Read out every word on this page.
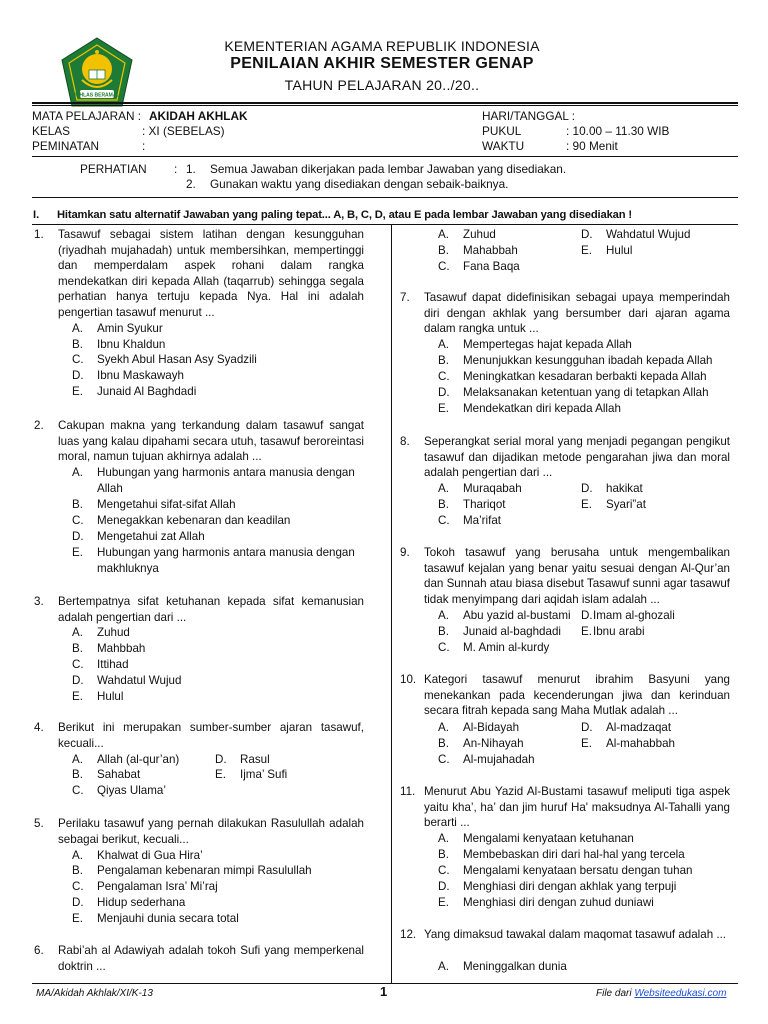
IKHLAS BERAMAL
KEMENTERIAN AGAMA REPUBLIK INDONESIA
PENILAIAN AKHIR SEMESTER GENAP
TAHUN PELAJARAN 20../20..
MATA PELAJARAN : AKIDAH AKHLAK
KELAS	: XI (SEBELAS)
PEMINATAN	:
HARI/TANGGAL :
PUKUL	: 10.00 – 11.30 WIB
WAKTU	: 90 Menit
PERHATIAN : 1. Semua Jawaban dikerjakan pada lembar Jawaban yang disediakan.
2. Gunakan waktu yang disediakan dengan sebaik-baiknya.
I. Hitamkan satu alternatif Jawaban yang paling tepat... A, B, C, D, atau E pada lembar Jawaban yang disediakan !
1. Tasawuf sebagai sistem latihan dengan kesungguhan (riyadhah mujahadah) untuk membersihkan, mempertinggi dan memperdalam aspek rohani dalam rangka mendekatkan diri kepada Allah (taqarrub) sehingga segala perhatian hanya tertuju kepada Nya. Hal ini adalah pengertian tasawuf menurut ...
A. Amin Syukur
B. Ibnu Khaldun
C. Syekh Abul Hasan Asy Syadzili
D. Ibnu Maskawayh
E. Junaid Al Baghdadi
2. Cakupan makna yang terkandung dalam tasawuf sangat luas yang kalau dipahami secara utuh, tasawuf beroreintasi moral, namun tujuan akhirnya adalah ...
A. Hubungan yang harmonis antara manusia dengan Allah
B. Mengetahui sifat-sifat Allah
C. Menegakkan kebenaran dan keadilan
D. Mengetahui zat Allah
E. Hubungan yang harmonis antara manusia dengan makhluknya
3. Bertempatnya sifat ketuhanan kepada sifat kemanusian adalah pengertian dari ...
A. Zuhud
B. Mahbbah
C. Ittihad
D. Wahdatul Wujud
E. Hulul
4. Berikut ini merupakan sumber-sumber ajaran tasawuf, kecuali...
A. Allah (al-qur’an)	D. Rasul
B. Sahabat	E. Ijma’ Sufi
C. Qiyas Ulama’
5. Perilaku tasawuf yang pernah dilakukan Rasulullah adalah sebagai berikut, kecuali...
A. Khalwat di Gua Hira’
B. Pengalaman kebenaran mimpi Rasulullah
C. Pengalaman Isra’ Mi’raj
D. Hidup sederhana
E. Menjauhi dunia secara total
6. Rabi’ah al Adawiyah adalah tokoh Sufi yang memperkenal doktrin ...
A. Zuhud	D. Wahdatul Wujud
B. Mahabbah	E. Hulul
C. Fana Baqa
7. Tasawuf dapat didefinisikan sebagai upaya memperindah diri dengan akhlak yang bersumber dari ajaran agama dalam rangka untuk ...
A. Mempertegas hajat kepada Allah
B. Menunjukkan kesungguhan ibadah kepada Allah
C. Meningkatkan kesadaran berbakti kepada Allah
D. Melaksanakan ketentuan yang di tetapkan Allah
E. Mendekatkan diri kepada Allah
8. Seperangkat serial moral yang menjadi pegangan pengikut tasawuf dan dijadikan metode pengarahan jiwa dan moral adalah pengertian dari ...
A. Muraqabah	D. hakikat
B. Thariqot	E. Syari”at
C. Ma’rifat
9. Tokoh tasawuf yang berusaha untuk mengembalikan tasawuf kejalan yang benar yaitu sesuai dengan Al-Qur’an dan Sunnah atau biasa disebut Tasawuf sunni agar tasawuf tidak menyimpang dari aqidah islam adalah ...
A. Abu yazid al-bustami D.Imam al-ghozali
B. Junaid al-baghdadi E.Ibnu arabi
C. M. Amin al-kurdy
10. Kategori tasawuf menurut ibrahim Basyuni yang menekankan pada kecenderungan jiwa dan kerinduan secara fitrah kepada sang Maha Mutlak adalah ...
A. Al-Bidayah	D. Al-madzaqat
B. An-Nihayah	E. Al-mahabbah
C. Al-mujahadah
11. Menurut Abu Yazid Al-Bustami tasawuf meliputi tiga aspek yaitu kha’, ha’ dan jim huruf Ha' maksudnya Al-Tahalli yang berarti ...
A. Mengalami kenyataan ketuhanan
B. Membebaskan diri dari hal-hal yang tercela
C. Mengalami kenyataan bersatu dengan tuhan
D. Menghiasi diri dengan akhlak yang terpuji
E. Menghiasi diri dengan zuhud duniawi
12. Yang dimaksud tawakal dalam maqomat tasawuf adalah ...
A. Meninggalkan dunia
MA/Akidah Akhlak/XI/K-13	1	File dari Websiteedukasi.com
